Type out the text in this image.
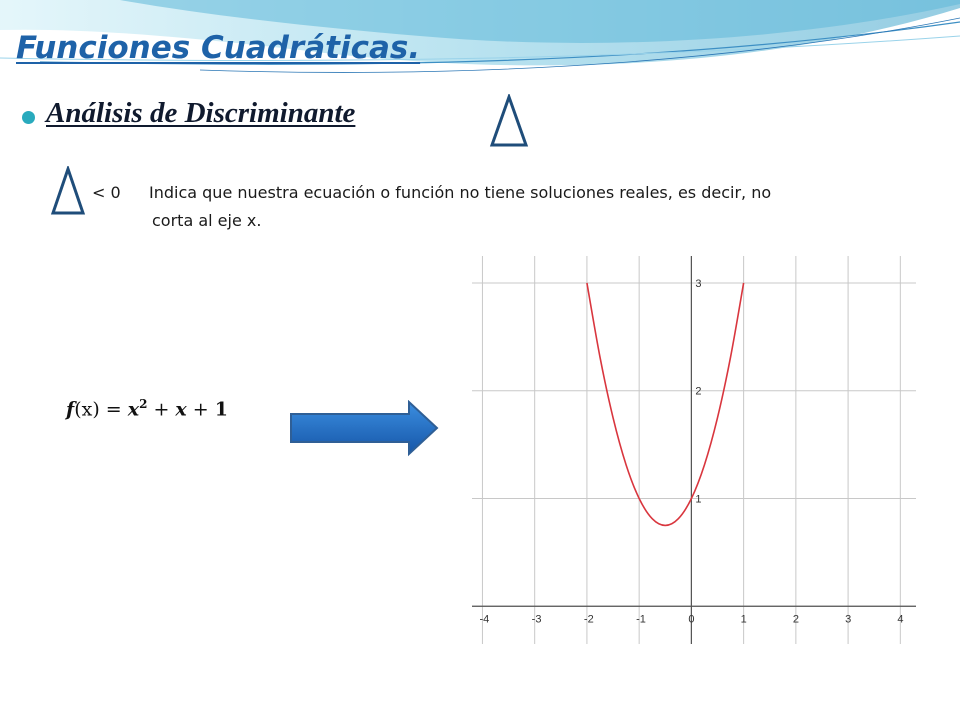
Funciones Cuadráticas.
Análisis de Discriminante
< 0 Indica que nuestra ecuación o función no tiene soluciones reales, es decir, no
corta al eje x.
$f(x) = x^2 + x + 1$
-4	-3	-2	-1	0	1	2	3	4
1
2
3
